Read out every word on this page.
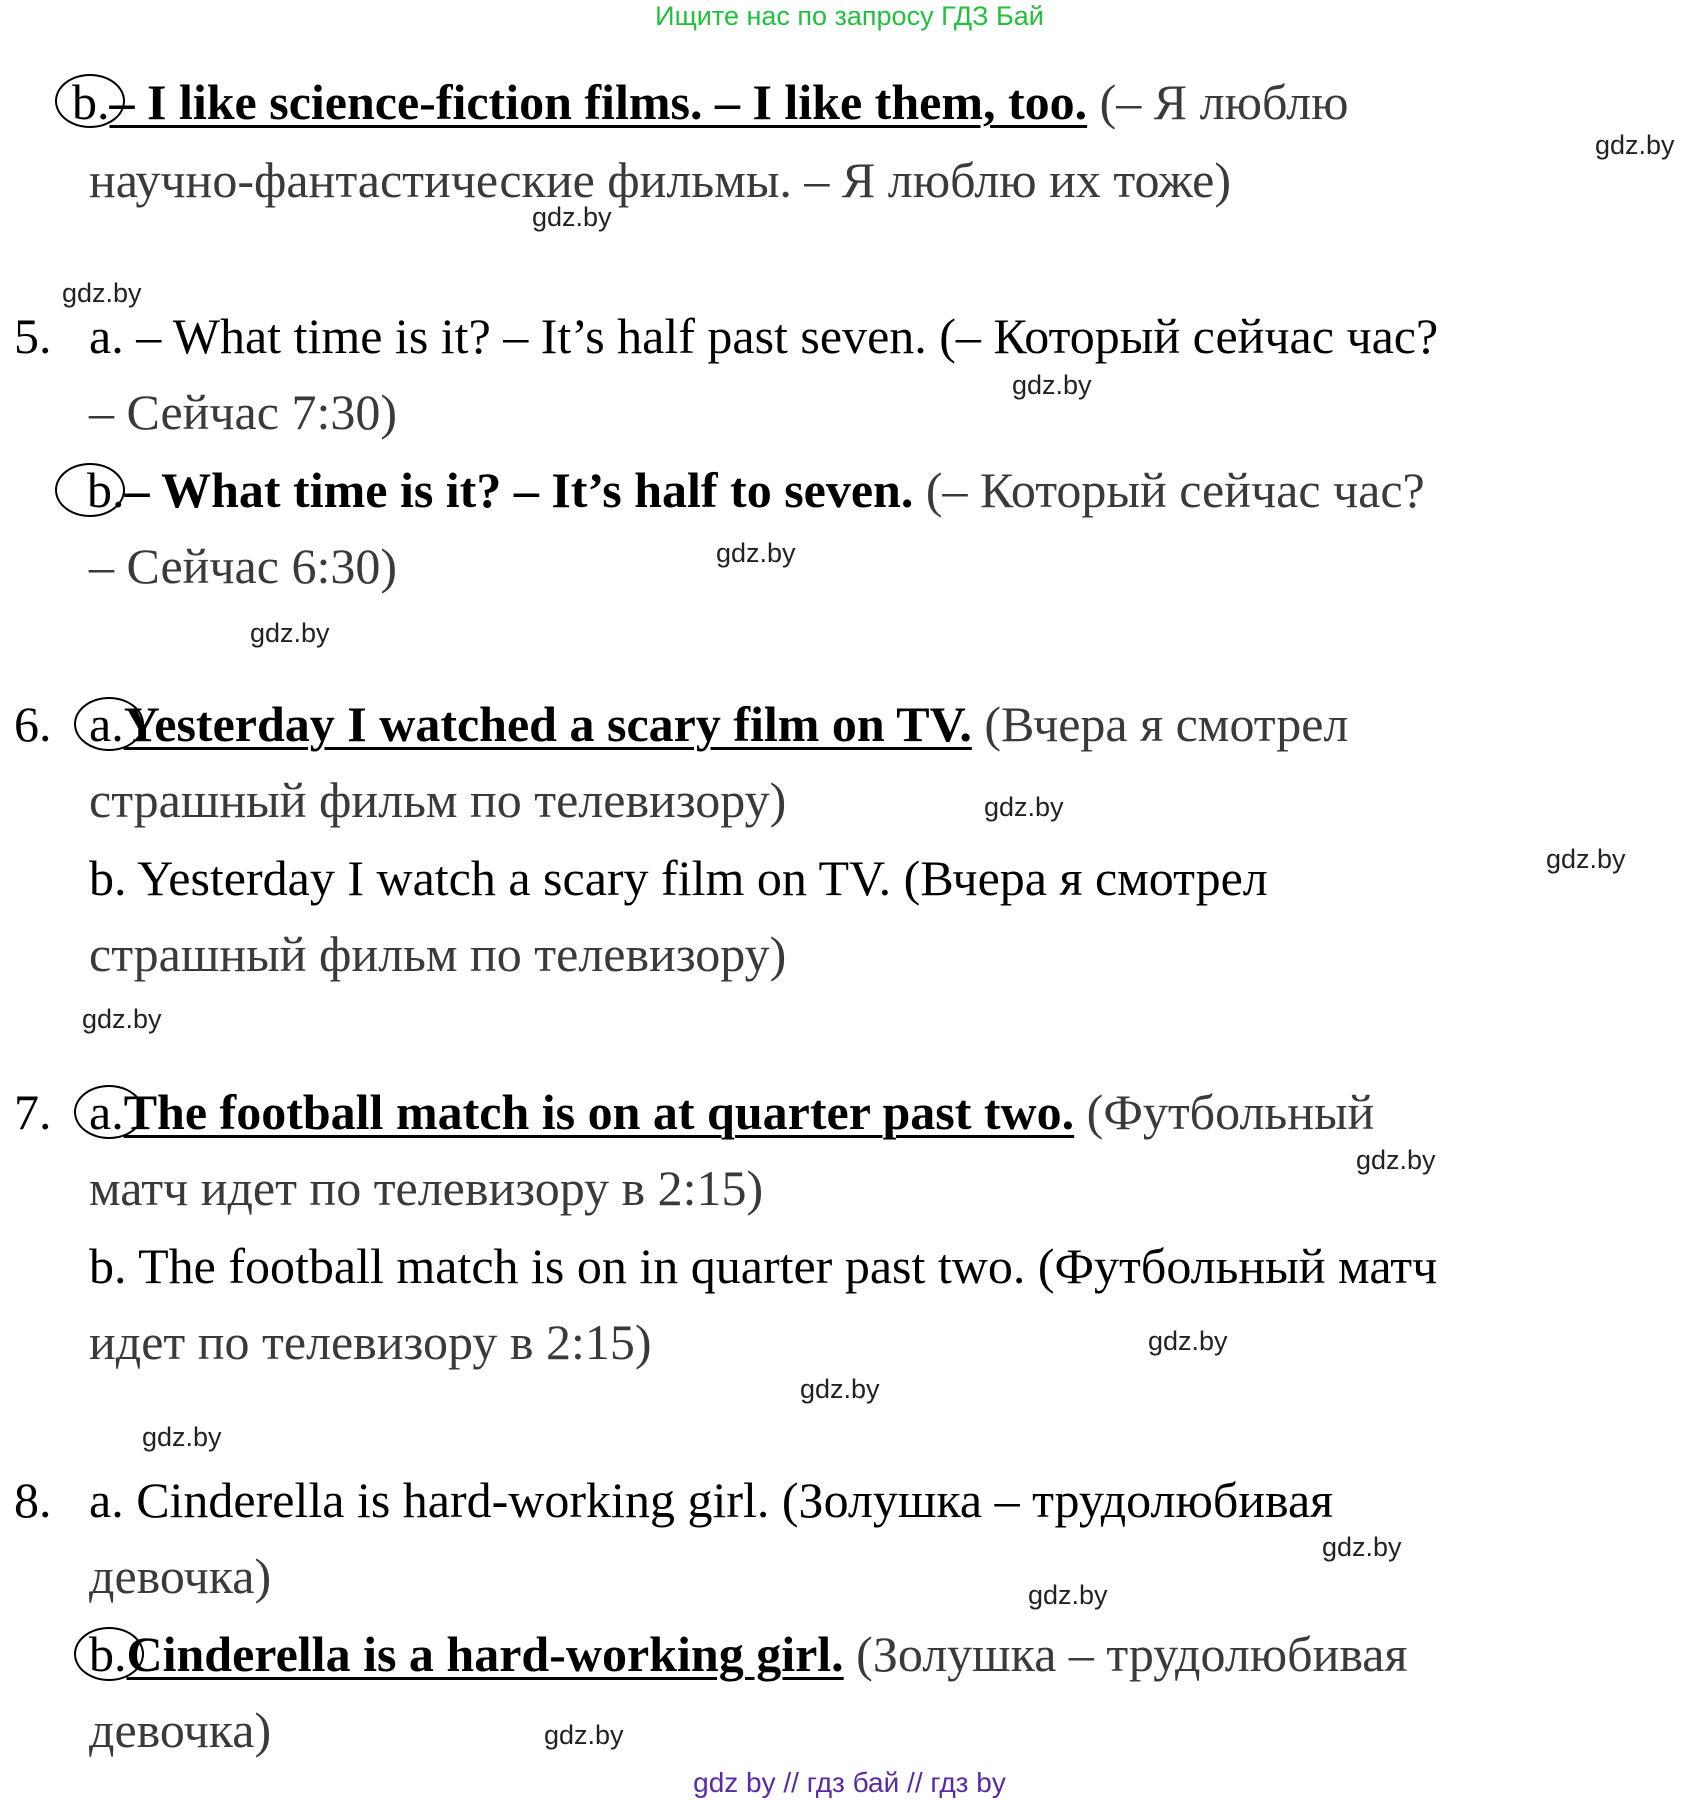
Ищите нас по запросу ГДЗ Бай
b.– I like science-fiction films. – I like them, too. (– Я люблю
научно-фантастические фильмы. – Я люблю их тоже)
5. a. – What time is it? – It’s half past seven. (– Который сейчас час?
– Сейчас 7:30)
b.– What time is it? – It’s half to seven. (– Который сейчас час?
– Сейчас 6:30)
6. a.Yesterday I watched a scary film on TV. (Вчера я смотрел
страшный фильм по телевизору)
b. Yesterday I watch a scary film on TV. (Вчера я смотрел
страшный фильм по телевизору)
7. a.The football match is on at quarter past two. (Футбольный
матч идет по телевизору в 2:15)
b. The football match is on in quarter past two. (Футбольный матч
идет по телевизору в 2:15)
8. a. Cinderella is hard-working girl. (Золушка – трудолюбивая
девочка)
b.Cinderella is a hard-working girl. (Золушка – трудолюбивая
девочка)
gdz.by
gdz.by
gdz.by
gdz.by
gdz.by
gdz.by
gdz.by
gdz.by
gdz.by
gdz.by
gdz.by
gdz.by
gdz.by
gdz.by
gdz.by
gdz.by
gdz by // гдз бай // гдз by
